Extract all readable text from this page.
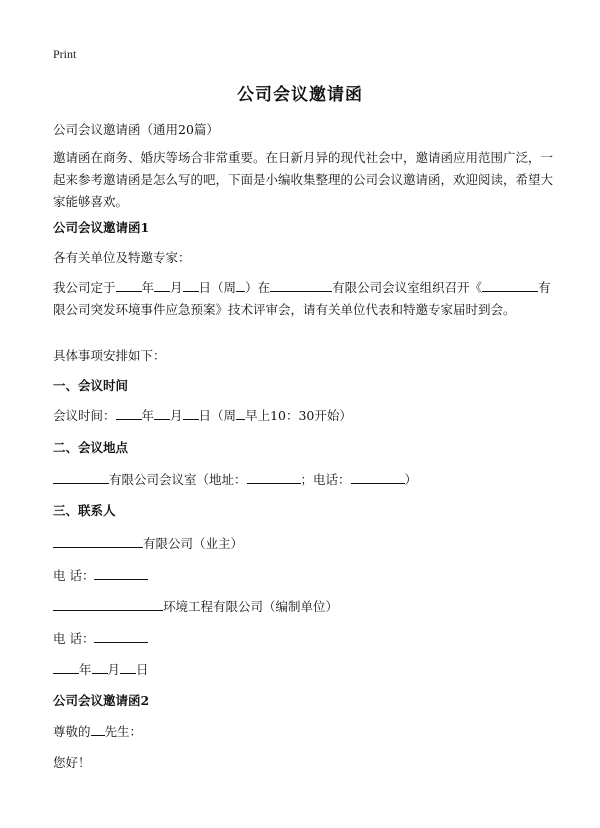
Print
公司会议邀请函
公司会议邀请函（通用20篇）
邀请函在商务、婚庆等场合非常重要。在日新月异的现代社会中，邀请函应用范围广泛，一起来参考邀请函是怎么写的吧，下面是小编收集整理的公司会议邀请函，欢迎阅读，希望大家能够喜欢。
公司会议邀请函1
各有关单位及特邀专家：
我公司定于 年 月 日（周 ）在	有限公司会议室组织召开《	有限公司突发环境事件应急预案》技术评审会，请有关单位代表和特邀专家届时到会。
具体事项安排如下：
一、会议时间
会议时间： 年 月 日（周 早上10：30开始）
二、会议地点
有限公司会议室（地址：	；电话：	）
三、联系人
有限公司（业主）
电 话：
环境工程有限公司（编制单位）
电 话：
年 月 日
公司会议邀请函2
尊敬的 先生：
您好！
